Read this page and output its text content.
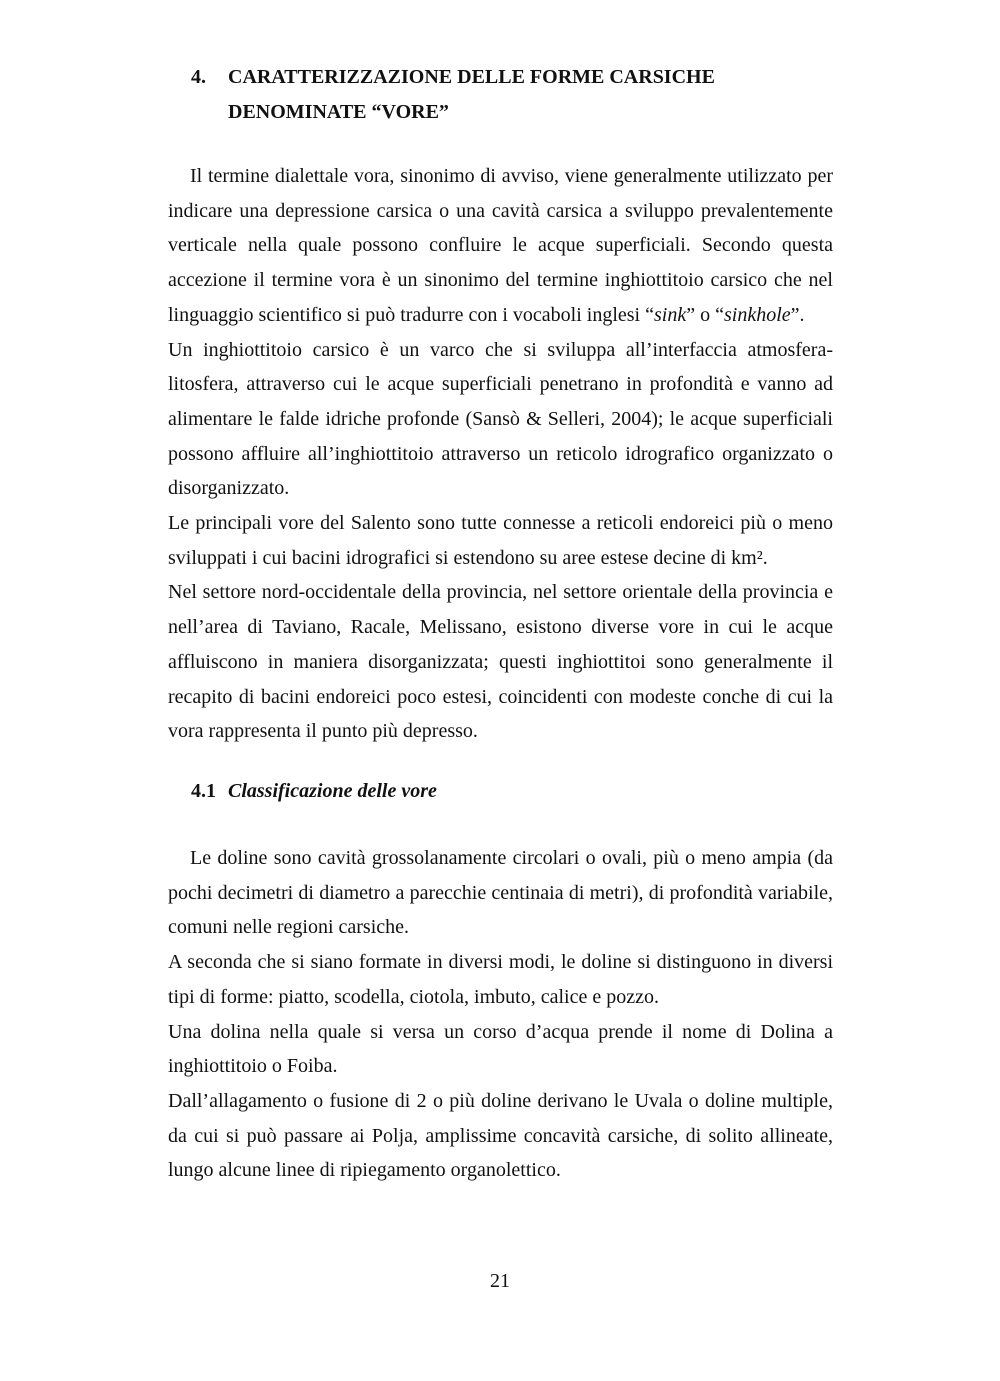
4. CARATTERIZZAZIONE DELLE FORME CARSICHE
DENOMINATE “VORE”

Il termine dialettale vora, sinonimo di avviso, viene generalmente utilizzato per indicare una depressione carsica o una cavità carsica a sviluppo prevalentemente verticale nella quale possono confluire le acque superficiali. Secondo questa accezione il termine vora è un sinonimo del termine inghiottitoio carsico che nel linguaggio scientifico si può tradurre con i vocaboli inglesi “sink” o “sinkhole”.

Un inghiottitoio carsico è un varco che si sviluppa all’interfaccia atmosfera-litosfera, attraverso cui le acque superficiali penetrano in profondità e vanno ad alimentare le falde idriche profonde (Sansò & Selleri, 2004); le acque superficiali possono affluire all’inghiottitoio attraverso un reticolo idrografico organizzato o disorganizzato.

Le principali vore del Salento sono tutte connesse a reticoli endoreici più o meno sviluppati i cui bacini idrografici si estendono su aree estese decine di km².

Nel settore nord-occidentale della provincia, nel settore orientale della provincia e nell’area di Taviano, Racale, Melissano, esistono diverse vore in cui le acque affluiscono in maniera disorganizzata; questi inghiottitoi sono generalmente il recapito di bacini endoreici poco estesi, coincidenti con modeste conche di cui la vora rappresenta il punto più depresso.

4.1 Classificazione delle vore

Le doline sono cavità grossolanamente circolari o ovali, più o meno ampia (da pochi decimetri di diametro a parecchie centinaia di metri), di profondità variabile, comuni nelle regioni carsiche.

A seconda che si siano formate in diversi modi, le doline si distinguono in diversi tipi di forme: piatto, scodella, ciotola, imbuto, calice e pozzo.

Una dolina nella quale si versa un corso d’acqua prende il nome di Dolina a inghiottitoio o Foiba.

Dall’allagamento o fusione di 2 o più doline derivano le Uvala o doline multiple, da cui si può passare ai Polja, amplissime concavità carsiche, di solito allineate, lungo alcune linee di ripiegamento organolettico.

21
